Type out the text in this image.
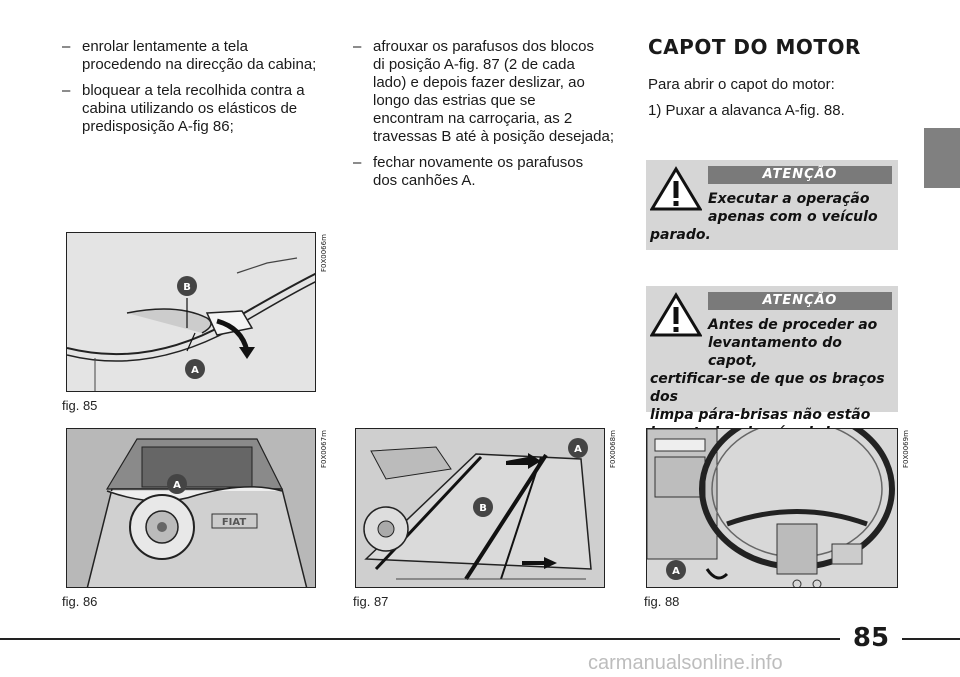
– enrolar lentamente a tela
procedendo na direcção da cabina;
– bloquear a tela recolhida contra a
cabina utilizando os elásticos de
predisposição A-fig 86;
– afrouxar os parafusos dos blocos
di posição A-fig. 87 (2 de cada
lado) e depois fazer deslizar, ao
longo das estrias que se
encontram na carroçaria, as 2
travessas B até à posição desejada;
– fechar novamente os parafusos
dos canhões A.
CAPOT DO MOTOR
Para abrir o capot do motor:
1) Puxar a alavanca A-fig. 88.
ATENÇÃO
Executar a operação
apenas com o veículo
parado.
ATENÇÃO
Antes de proceder ao
levantamento do capot,
certificar-se de que os braços dos
limpa pára-brisas não estão
B
A
F0X0066m
fig. 85
FIAT
A
F0X0067m
fig. 86
A
B
F0X0068m
fig. 87
A
F0X0069m
fig. 88
85
carmanualsonline.info
